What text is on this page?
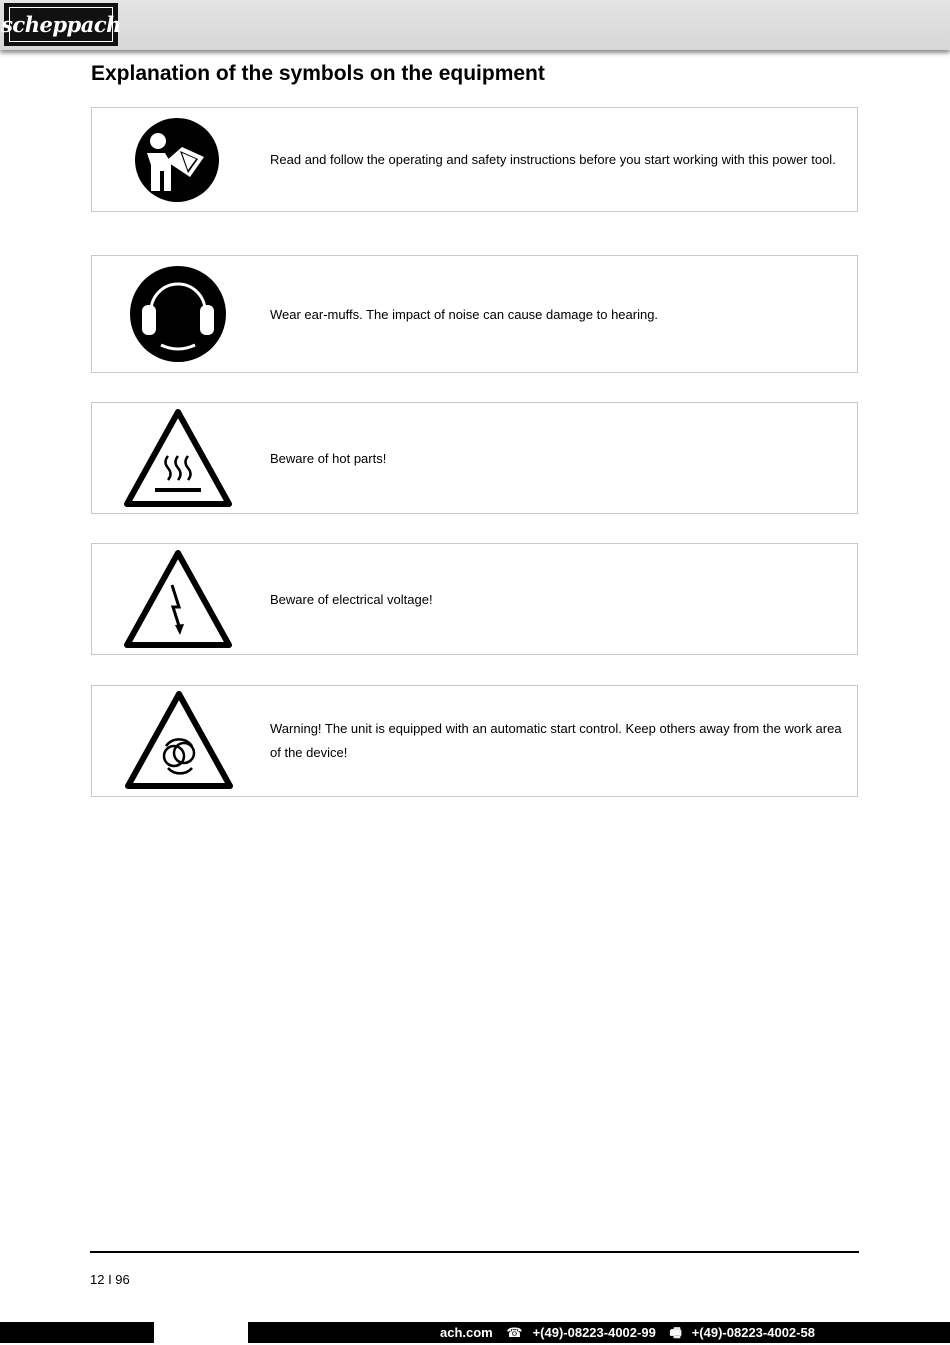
scheppach
Explanation of the symbols on the equipment
Read and follow the operating and safety instructions before you start working with this power tool.
Wear ear-muffs. The impact of noise can cause damage to hearing.
Beware of hot parts!
Beware of electrical voltage!
Warning! The unit is equipped with an automatic start control. Keep others away from the work area of the device!
12 I 96
ach.com ☎ +(49)-08223-4002-99 🖷 +(49)-08223-4002-58
